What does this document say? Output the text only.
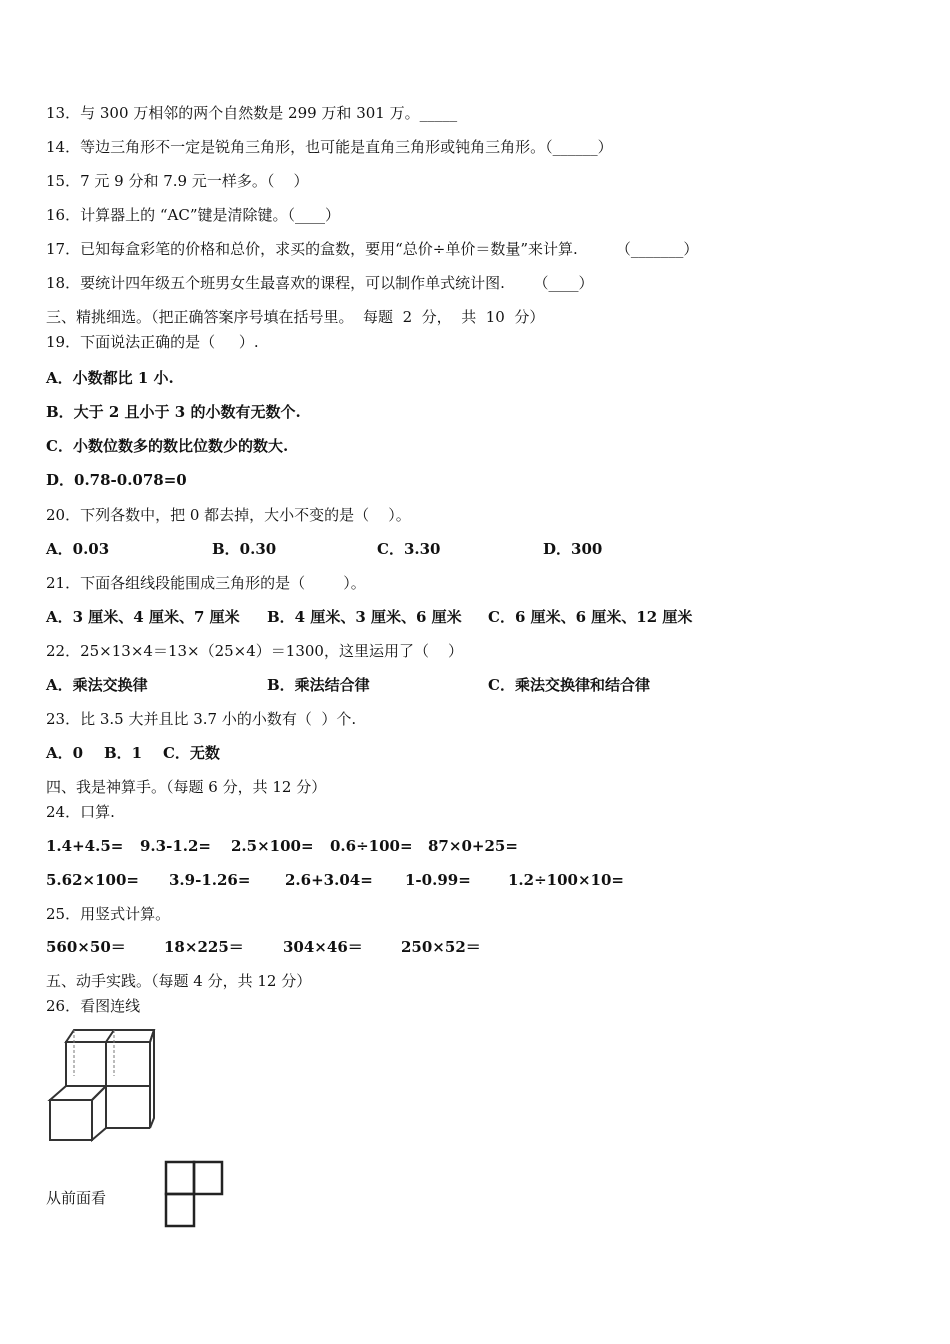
13．与 300 万相邻的两个自然数是 299 万和 301 万。_____
14．等边三角形不一定是锐角三角形，也可能是直角三角形或钝角三角形。（______）
15．7 元 9 分和 7.9 元一样多。（    ）
16．计算器上的 “AC”键是清除键。（____）
17．已知每盒彩笔的价格和总价，求买的盒数，要用“总价÷单价＝数量”来计算.        （_______）
18．要统计四年级五个班男女生最喜欢的课程，可以制作单式统计图.      （____）
三、精挑细选。（把正确答案序号填在括号里。  每题  2  分，  共  10  分）
19．下面说法正确的是（     ）.
A．小数都比 1 小.
B．大于 2 且小于 3 的小数有无数个.
C．小数位数多的数比位数少的数大.
D．0.78-0.078=0
20．下列各数中，把 0 都去掉，大小不变的是（    ）。
A．0.03	B．0.30	C．3.30	D．300
21．下面各组线段能围成三角形的是（        ）。
A．3 厘米、4 厘米、7 厘米 B．4 厘米、3 厘米、6 厘米 C．6 厘米、6 厘米、12 厘米
22．25×13×4＝13×（25×4）＝1300，这里运用了（    ）
A．乘法交换律	B．乘法结合律	C．乘法交换律和结合律
23．比 3.5 大并且比 3.7 小的小数有（  ）个.
A．0    B．1    C．无数
四、我是神算手。（每题 6 分，共 12 分）
24．口算.
1.4+4.5= 9.3-1.2= 2.5×100= 0.6÷100= 87×0+25=
5.62×100= 3.9-1.26= 2.6+3.04= 1-0.99= 1.2÷100×10=
25．用竖式计算。
560×50＝	18×225＝	304×46＝	250×52＝
五、动手实践。（每题 4 分，共 12 分）
26．看图连线
从前面看
